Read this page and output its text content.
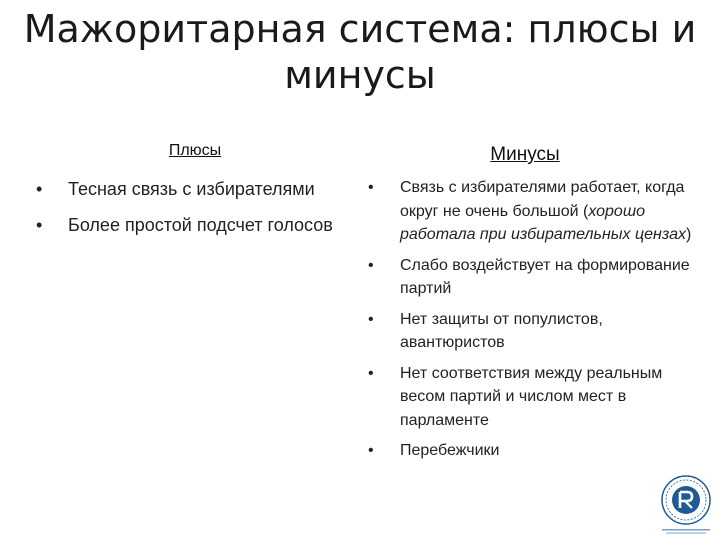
Мажоритарная система: плюсы и минусы
Плюсы	Минусы
• Тесная связь с избирателями
• Более простой подсчет голосов
• Связь с избирателями работает, когда округ не очень большой (хорошо работала при избирательных цензах)
• Слабо воздействует на формирование партий
• Нет защиты от популистов, авантюристов
• Нет соответствия между реальным весом партий и числом мест в парламенте
• Перебежчики
